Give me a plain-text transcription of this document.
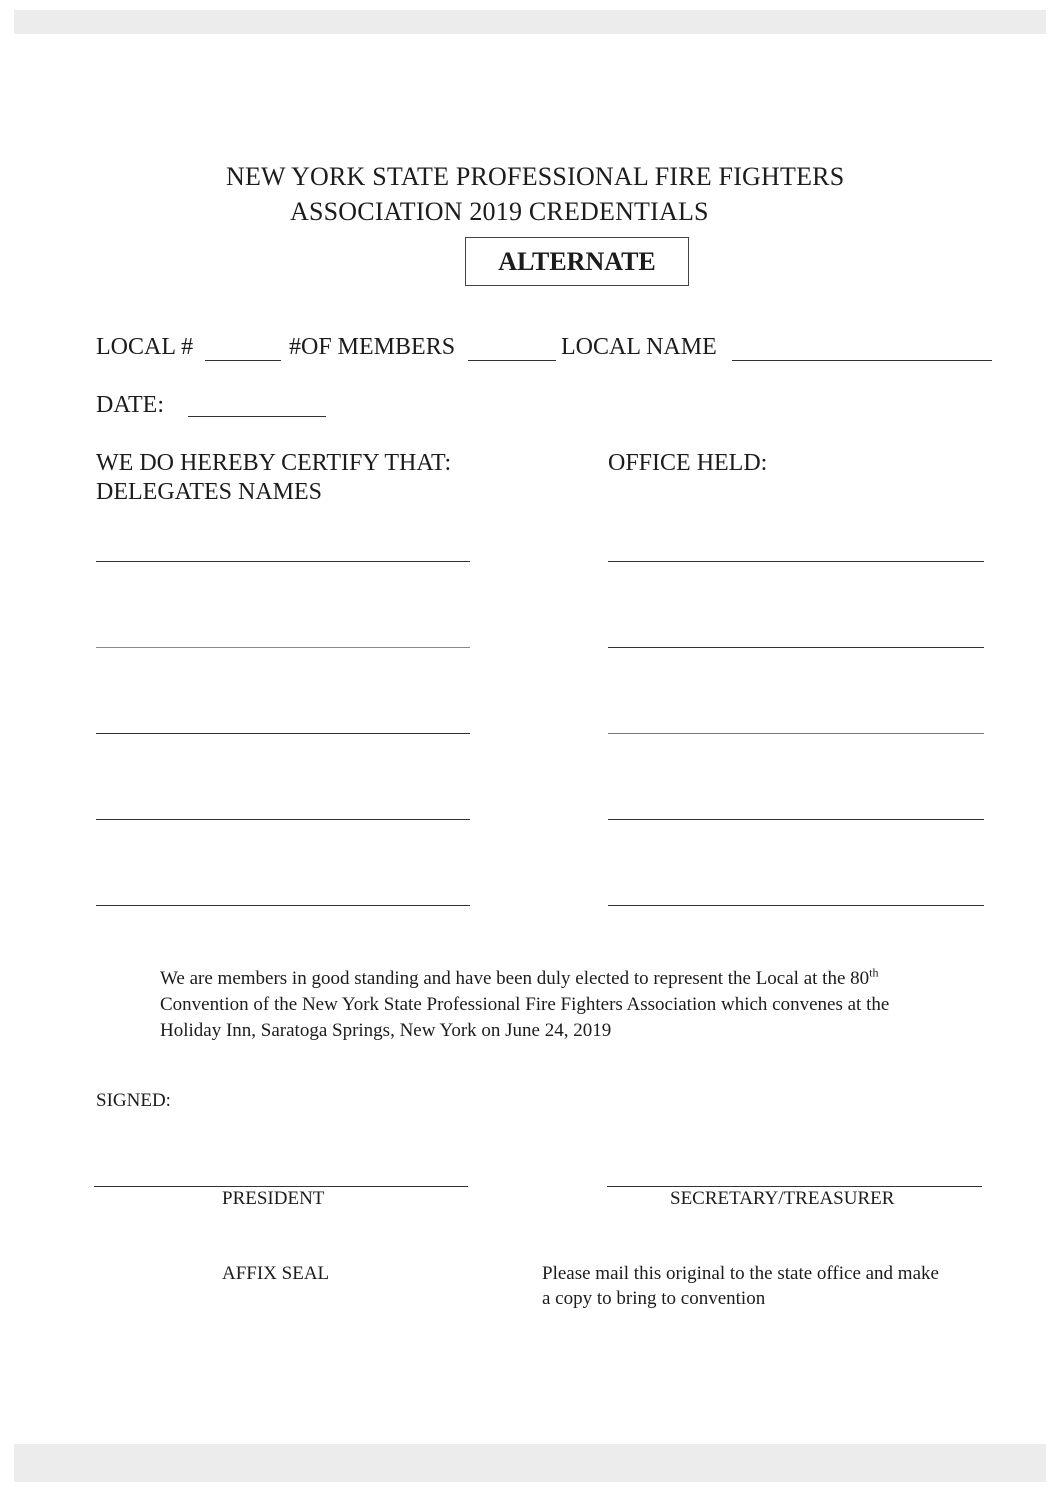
NEW YORK STATE PROFESSIONAL FIRE FIGHTERS
ASSOCIATION 2019 CREDENTIALS
ALTERNATE
LOCAL #	#OF MEMBERS	LOCAL NAME
DATE:
WE DO HEREBY CERTIFY THAT:
DELEGATES NAMES
OFFICE HELD:
We are members in good standing and have been duly elected to represent the Local at the 80th
Convention of the New York State Professional Fire Fighters Association which convenes at the
Holiday Inn, Saratoga Springs, New York on June 24, 2019
SIGNED:
PRESIDENT	SECRETARY/TREASURER
AFFIX SEAL	Please mail this original to the state office and make
a copy to bring to convention
